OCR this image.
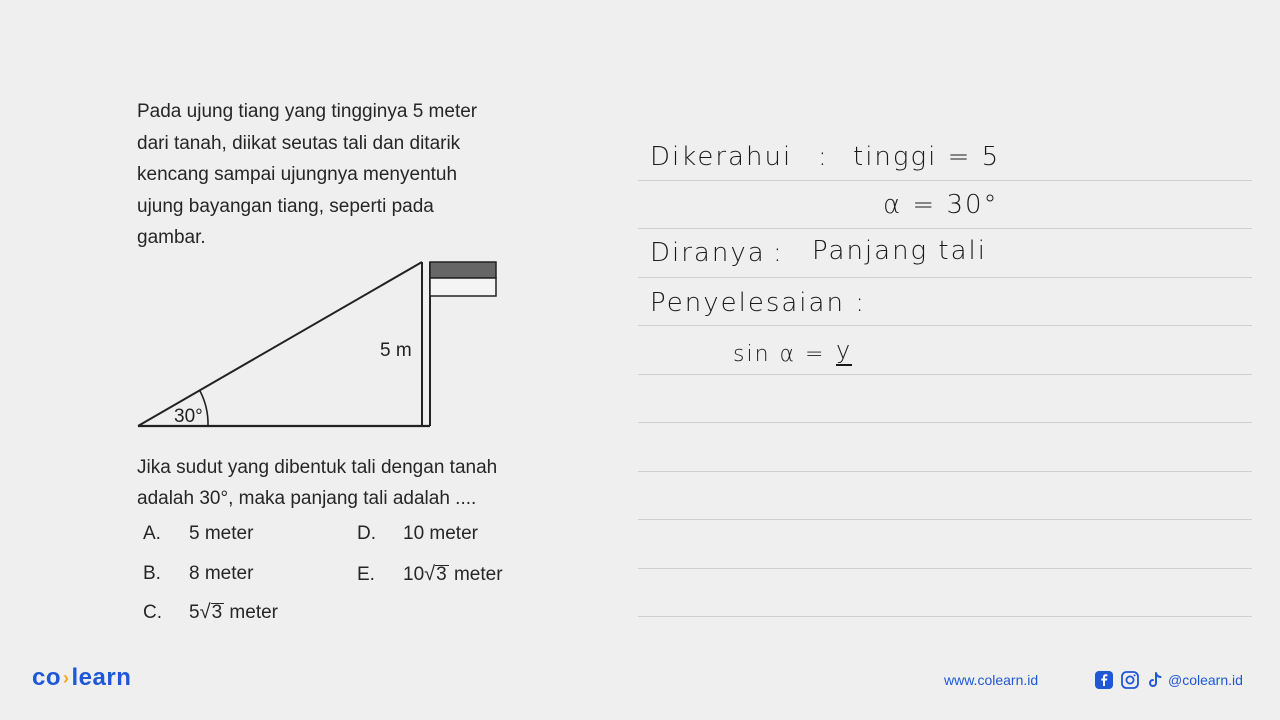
Pada ujung tiang yang tingginya 5 meter

dari tanah, diikat seutas tali dan ditarik

kencang sampai ujungnya menyentuh

ujung bayangan tiang, seperti pada

gambar.

30°
5 m

Jika sudut yang dibentuk tali dengan tanah

adalah 30°, maka panjang tali adalah ....

A. 5 meter
B. 8 meter
C. 5√3 meter
D. 10 meter
E. 10√3 meter
Dikerahui : tinggi = 5
α = 30°
Diranya : Panjang tali
Penyelesaian :
sin α = y
co ›learn	www.colearn.id	@colearn.id
